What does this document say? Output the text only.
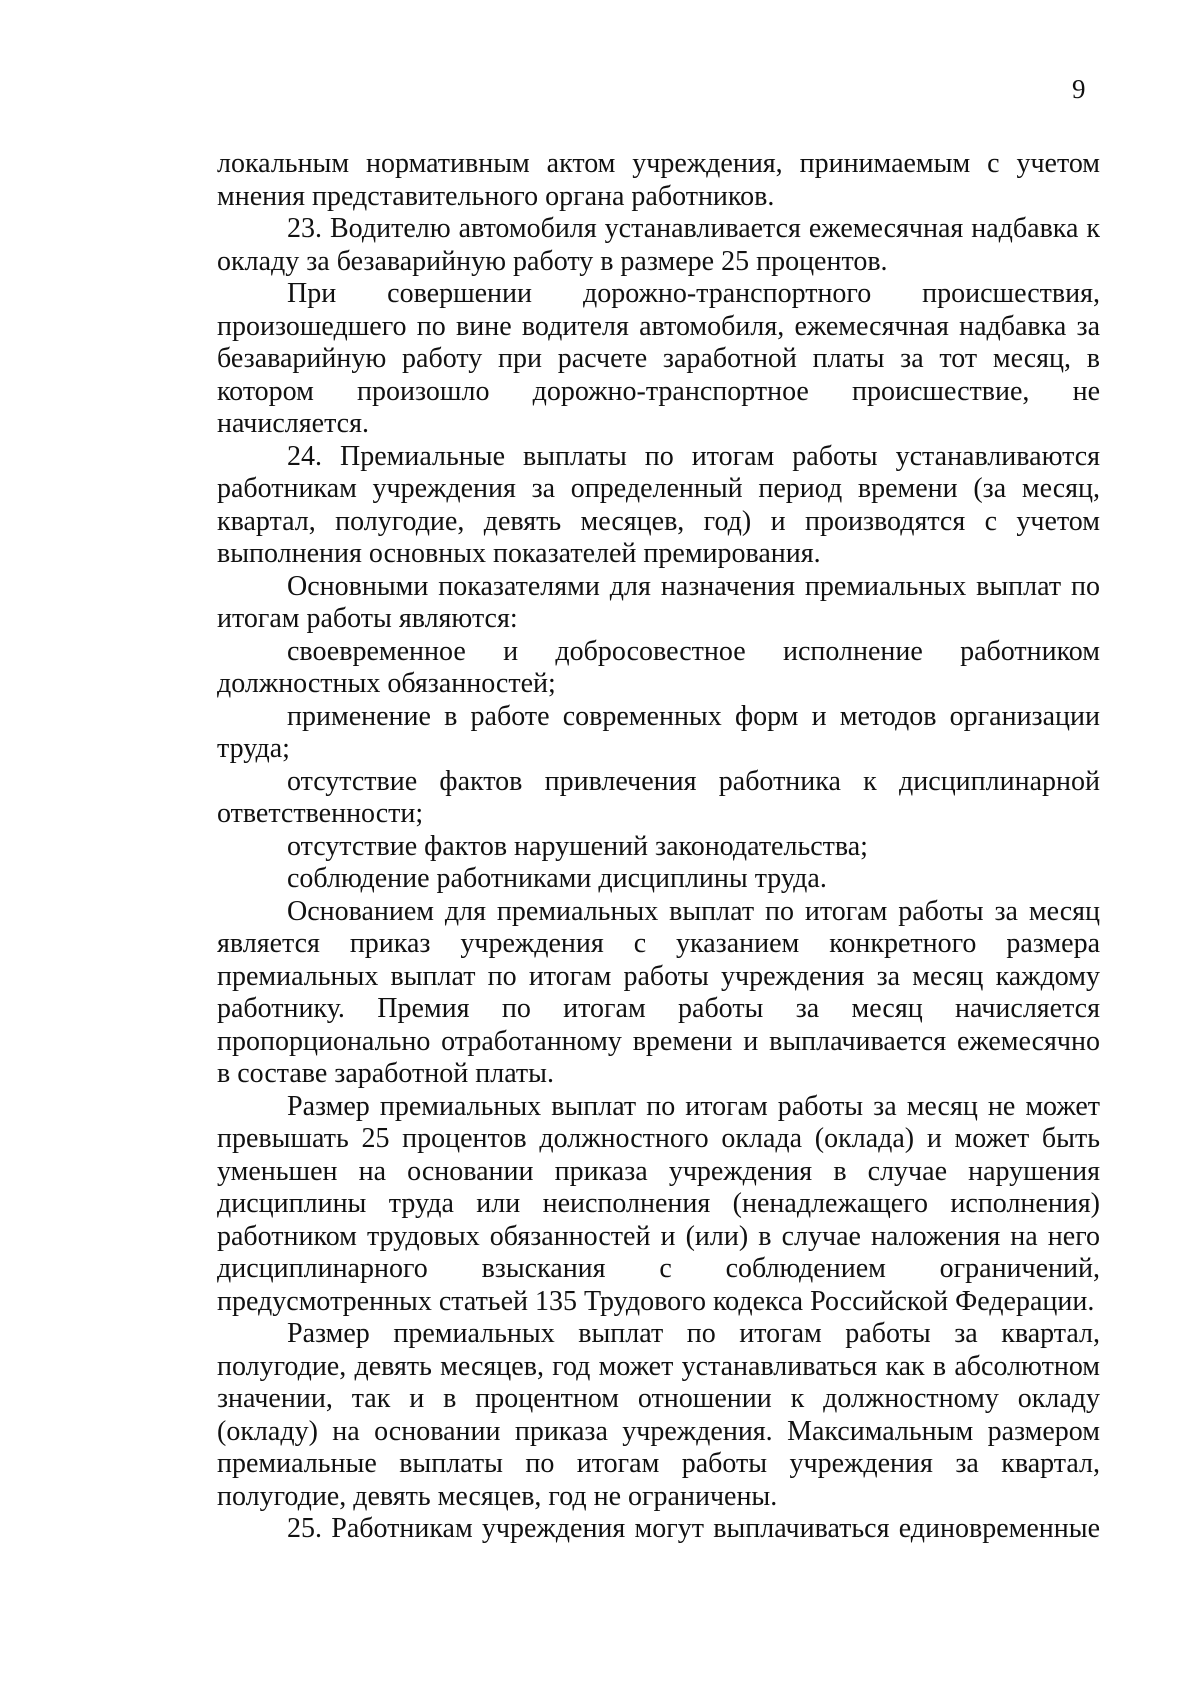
9

локальным нормативным актом учреждения, принимаемым с учетом мнения представительного органа работников.

23. Водителю автомобиля устанавливается ежемесячная надбавка к окладу за безаварийную работу в размере 25 процентов.

При совершении дорожно-транспортного происшествия, произошедшего по вине водителя автомобиля, ежемесячная надбавка за безаварийную работу при расчете заработной платы за тот месяц, в котором произошло дорожно-транспортное происшествие, не начисляется.

24. Премиальные выплаты по итогам работы устанавливаются работникам учреждения за определенный период времени (за месяц, квартал, полугодие, девять месяцев, год) и производятся с учетом выполнения основных показателей премирования.

Основными показателями для назначения премиальных выплат по итогам работы являются:

своевременное и добросовестное исполнение работником должностных обязанностей;

применение в работе современных форм и методов организации труда;

отсутствие фактов привлечения работника к дисциплинарной ответственности;

отсутствие фактов нарушений законодательства;

соблюдение работниками дисциплины труда.

Основанием для премиальных выплат по итогам работы за месяц является приказ учреждения с указанием конкретного размера премиальных выплат по итогам работы учреждения за месяц каждому работнику. Премия по итогам работы за месяц начисляется пропорционально отработанному времени и выплачивается ежемесячно в составе заработной платы.

Размер премиальных выплат по итогам работы за месяц не может превышать 25 процентов должностного оклада (оклада) и может быть уменьшен на основании приказа учреждения в случае нарушения дисциплины труда или неисполнения (ненадлежащего исполнения) работником трудовых обязанностей и (или) в случае наложения на него дисциплинарного взыскания с соблюдением ограничений, предусмотренных статьей 135 Трудового кодекса Российской Федерации.

Размер премиальных выплат по итогам работы за квартал, полугодие, девять месяцев, год может устанавливаться как в абсолютном значении, так и в процентном отношении к должностному окладу (окладу) на основании приказа учреждения. Максимальным размером премиальные выплаты по итогам работы учреждения за квартал, полугодие, девять месяцев, год не ограничены.

25. Работникам учреждения могут выплачиваться единовременные
